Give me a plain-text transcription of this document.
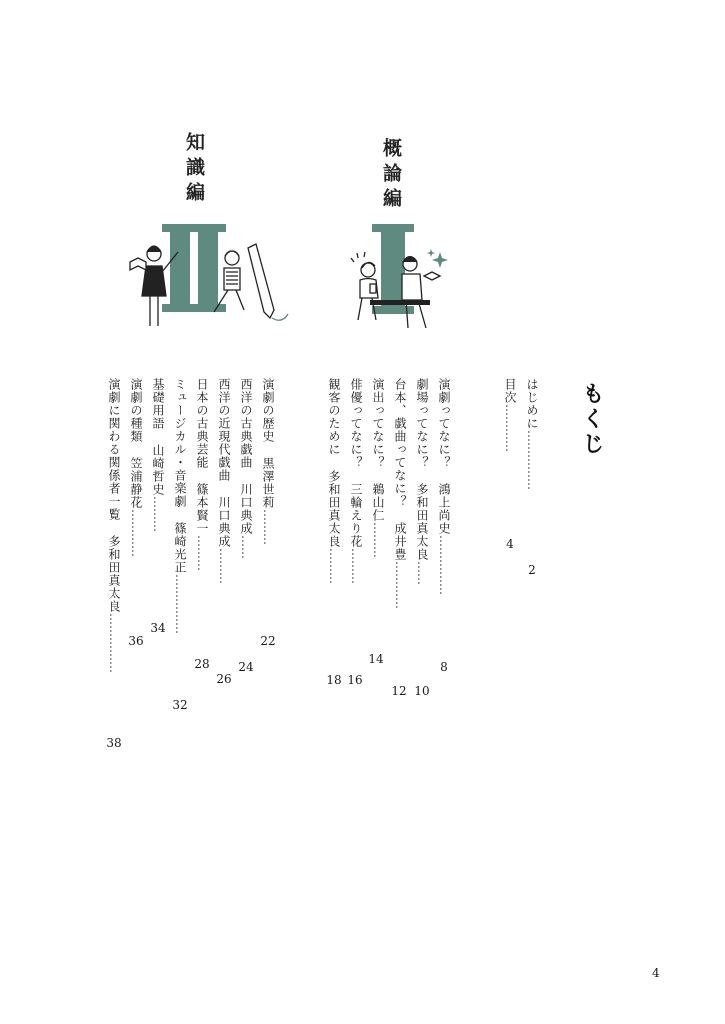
概論編
知識編
もくじ
はじめに……………
2
目次…………
4
演劇ってなに？鴻上尚史……………
8
劇場ってなに？多和田真太良……
10
台本、戯曲ってなに？成井豊…………
12
演出ってなに？鵜山仁………
14
俳優ってなに？三輪えり花………
16
観客のために多和田真太良………
18
演劇の歴史黒澤世莉………
22
西洋の古典戯曲川口典成……
24
西洋の近現代戯曲川口典成………
26
日本の古典芸能篠本賢一………
28
ミュージカル・音楽劇篠崎光正……………
32
基礎用語山崎哲史………
34
演劇の種類笠浦静花…………
36
演劇に関わる関係者一覧多和田真太良……………
38
4
